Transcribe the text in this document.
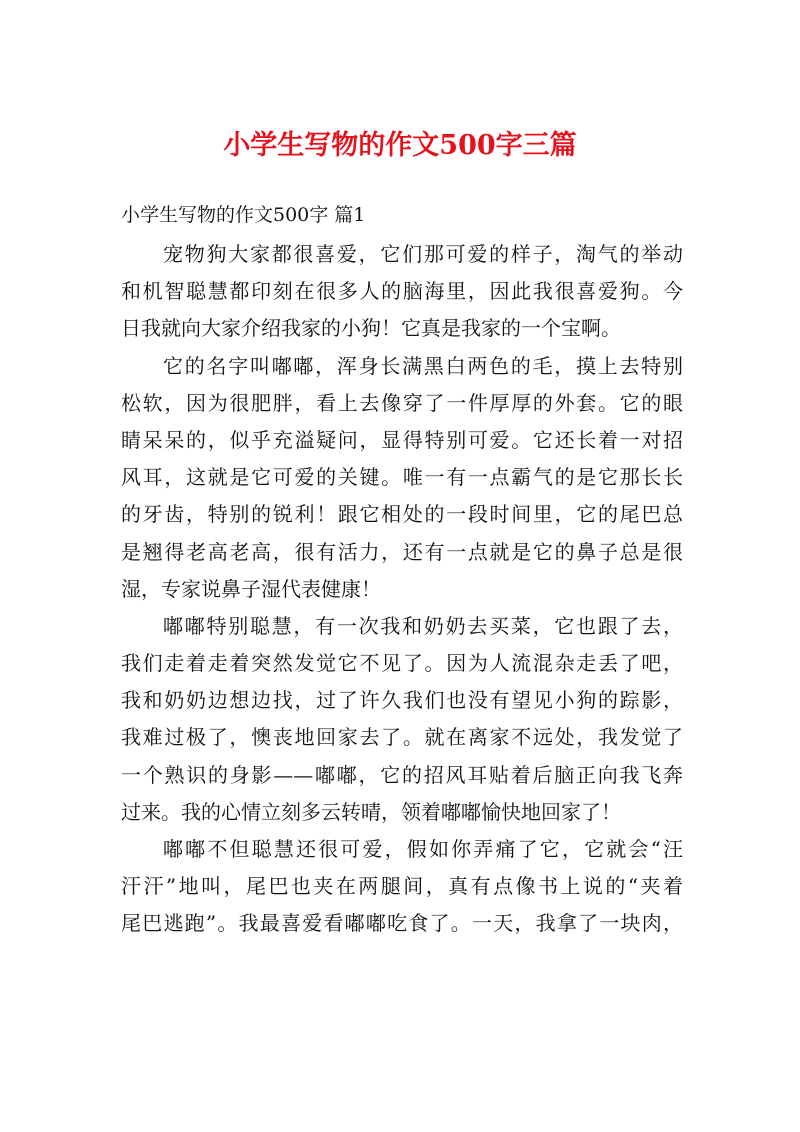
小学生写物的作文500字三篇
小学生写物的作文500字 篇1

宠物狗大家都很喜爱，它们那可爱的样子，淘气的举动
和机智聪慧都印刻在很多人的脑海里，因此我很喜爱狗。今
日我就向大家介绍我家的小狗！它真是我家的一个宝啊。

它的名字叫嘟嘟，浑身长满黑白两色的毛，摸上去特别
松软，因为很肥胖，看上去像穿了一件厚厚的外套。它的眼
睛呆呆的，似乎充溢疑问，显得特别可爱。它还长着一对招
风耳，这就是它可爱的关键。唯一有一点霸气的是它那长长
的牙齿，特别的锐利！跟它相处的一段时间里，它的尾巴总
是翘得老高老高，很有活力，还有一点就是它的鼻子总是很
湿，专家说鼻子湿代表健康！

嘟嘟特别聪慧，有一次我和奶奶去买菜，它也跟了去，
我们走着走着突然发觉它不见了。因为人流混杂走丢了吧，
我和奶奶边想边找，过了许久我们也没有望见小狗的踪影，
我难过极了，懊丧地回家去了。就在离家不远处，我发觉了
一个熟识的身影——嘟嘟，它的招风耳贴着后脑正向我飞奔
过来。我的心情立刻多云转晴，领着嘟嘟愉快地回家了！

嘟嘟不但聪慧还很可爱，假如你弄痛了它，它就会“汪
汗汗”地叫，尾巴也夹在两腿间，真有点像书上说的“夹着
尾巴逃跑”。我最喜爱看嘟嘟吃食了。一天，我拿了一块肉，
